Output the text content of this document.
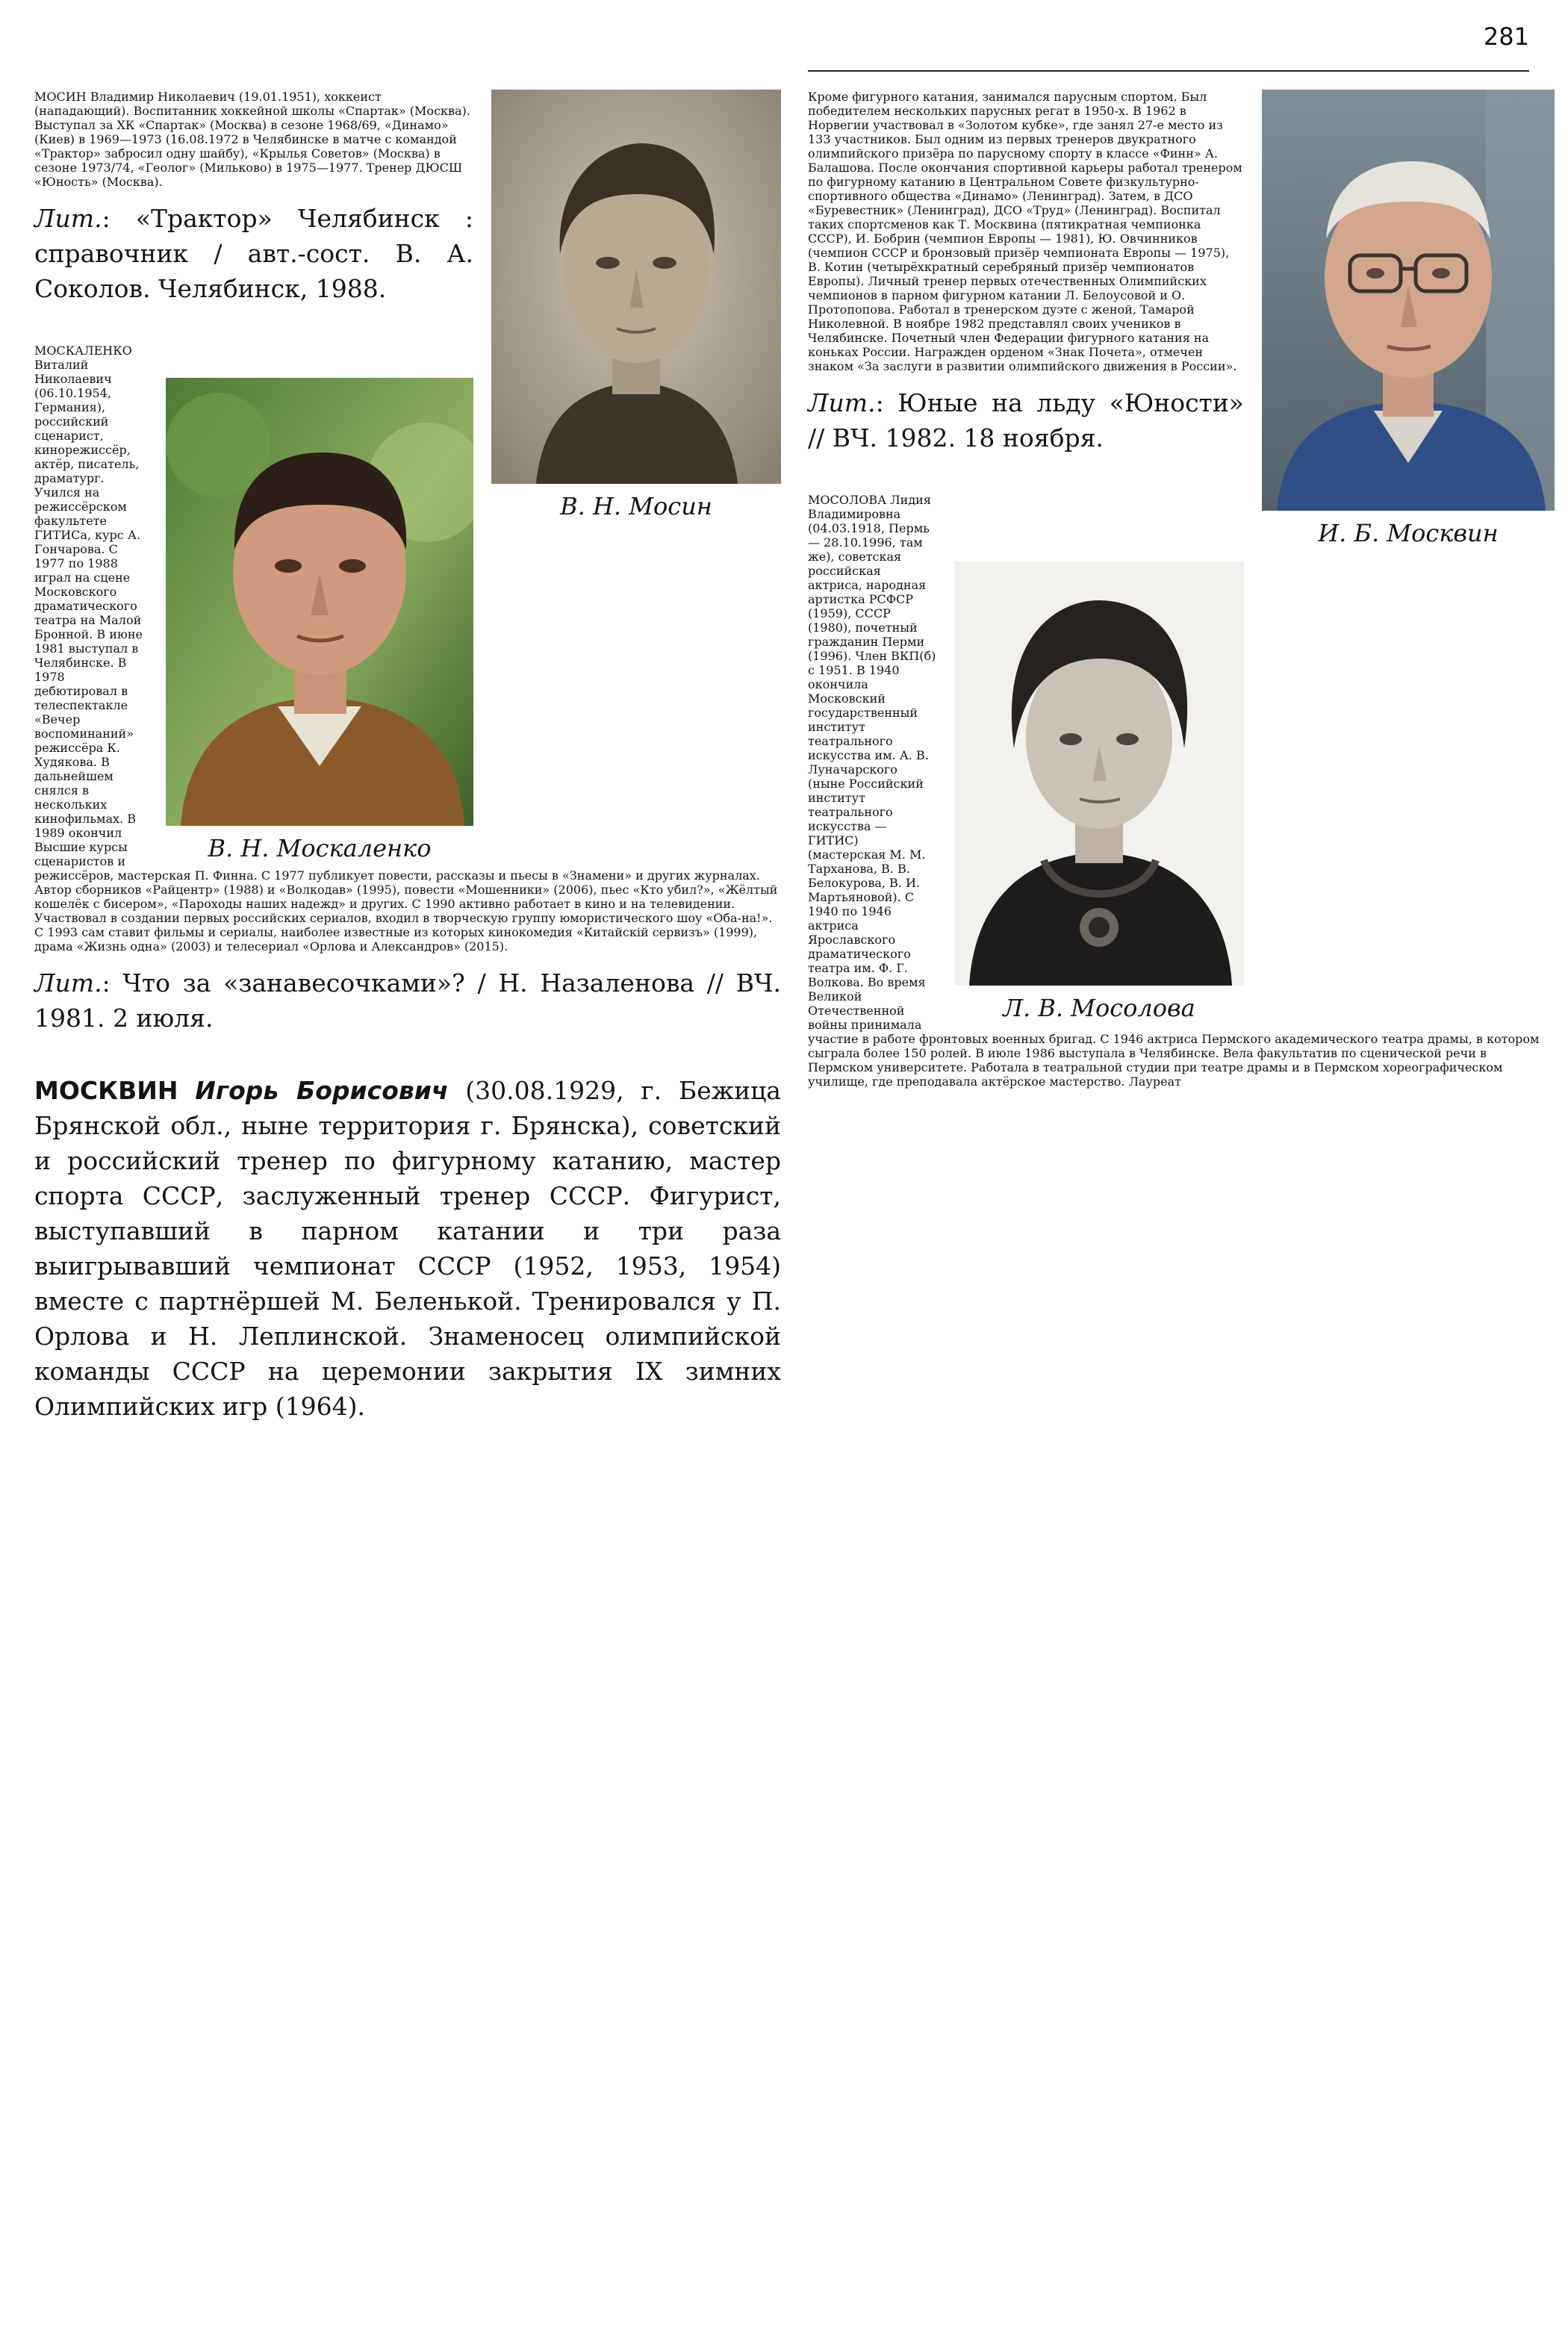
281

В. Н. Мосин
МОСИН Владимир Николаевич (19.01.1951), хоккеист (нападающий). Воспитанник хоккейной школы «Спартак» (Москва). Выступал за ХК «Спартак» (Москва) в сезоне 1968/69, «Динамо» (Киев) в 1969—1973 (16.08.1972 в Челябинске в матче с командой «Трактор» забросил одну шайбу), «Крылья Советов» (Москва) в сезоне 1973/74, «Геолог» (Мильково) в 1975—1977. Тренер ДЮСШ «Юность» (Москва).

Лит.: «Трактор» Челябинск : справочник / авт.-сост. В. А. Соколов. Челябинск, 1988.

В. Н. Москаленко
МОСКАЛЕНКО Виталий Николаевич (06.10.1954, Германия), российский сценарист, кинорежиссёр, актёр, писатель, драматург. Учился на режиссёрском факультете ГИТИСа, курс А. Гончарова. С 1977 по 1988 играл на сцене Московского драматического театра на Малой Бронной. В июне 1981 выступал в Челябинске. В 1978 дебютировал в телеспектакле «Вечер воспоминаний» режиссёра К. Худякова. В дальнейшем снялся в нескольких кинофильмах. В 1989 окончил Высшие курсы сценаристов и режиссёров, мастерская П. Финна. С 1977 публикует повести, рассказы и пьесы в «Знамени» и других журналах. Автор сборников «Райцентр» (1988) и «Волкодав» (1995), повести «Мошенники» (2006), пьес «Кто убил?», «Жёлтый кошелёк с бисером», «Пароходы наших надежд» и других. С 1990 активно работает в кино и на телевидении. Участвовал в создании первых российских сериалов, входил в творческую группу юмористического шоу «Оба-на!». С 1993 сам ставит фильмы и сериалы, наиболее известные из которых кинокомедия «Китайскiй сервизъ» (1999), драма «Жизнь одна» (2003) и телесериал «Орлова и Александров» (2015).

Лит.: Что за «занавесочками»? / Н. Назаленова // ВЧ. 1981. 2 июля.

МОСКВИН Игорь Борисович (30.08.1929, г. Бежица Брянской обл., ныне территория г. Брянска), советский и российский тренер по фигурному катанию, мастер спорта СССР, заслуженный тренер СССР. Фигурист, выступавший в парном катании и три раза выигрывавший чемпионат СССР (1952, 1953, 1954) вместе с партнёршей М. Беленькой. Тренировался у П. Орлова и Н. Леплинской. Знаменосец олимпийской команды СССР на церемонии закрытия IX зимних Олимпийских игр (1964).

И. Б. Москвин
Кроме фигурного катания, занимался парусным спортом. Был победителем нескольких парусных регат в 1950-х. В 1962 в Норвегии участвовал в «Золотом кубке», где занял 27-е место из 133 участников. Был одним из первых тренеров двукратного олимпийского призёра по парусному спорту в классе «Финн» А. Балашова. После окончания спортивной карьеры работал тренером по фигурному катанию в Центральном Совете физкультурно-спортивного общества «Динамо» (Ленинград). Затем, в ДСО «Буревестник» (Ленинград), ДСО «Труд» (Ленинград). Воспитал таких спортсменов как Т. Москвина (пятикратная чемпионка СССР), И. Бобрин (чемпион Европы — 1981), Ю. Овчинников (чемпион СССР и бронзовый призёр чемпионата Европы — 1975), В. Котин (четырёхкратный серебряный призёр чемпионатов Европы). Личный тренер первых отечественных Олимпийских чемпионов в парном фигурном катании Л. Белоусовой и О. Протопопова. Работал в тренерском дуэте с женой, Тамарой Николевной. В ноябре 1982 представлял своих учеников в Челябинске. Почетный член Федерации фигурного катания на коньках России. Награжден орденом «Знак Почета», отмечен знаком «За заслуги в развитии олимпийского движения в России».

Лит.: Юные на льду «Юности» // ВЧ. 1982. 18 ноября.

Л. В. Мосолова
МОСОЛОВА Лидия Владимировна (04.03.1918, Пермь — 28.10.1996, там же), советская российская актриса, народная артистка РСФСР (1959), СССР (1980), почетный гражданин Перми (1996). Член ВКП(б) с 1951. В 1940 окончила Московский государственный институт театрального искусства им. А. В. Луначарского (ныне Российский институт театрального искусства — ГИТИС) (мастерская М. М. Тарханова, В. В. Белокурова, В. И. Мартьяновой). С 1940 по 1946 актриса Ярославского драматического театра им. Ф. Г. Волкова. Во время Великой Отечественной войны принимала участие в работе фронтовых военных бригад. С 1946 актриса Пермского академического театра драмы, в котором сыграла более 150 ролей. В июле 1986 выступала в Челябинске. Вела факультатив по сценической речи в Пермском университете. Работала в театральной студии при театре драмы и в Пермском хореографическом училище, где преподавала актёрское мастерство. Лауреат
